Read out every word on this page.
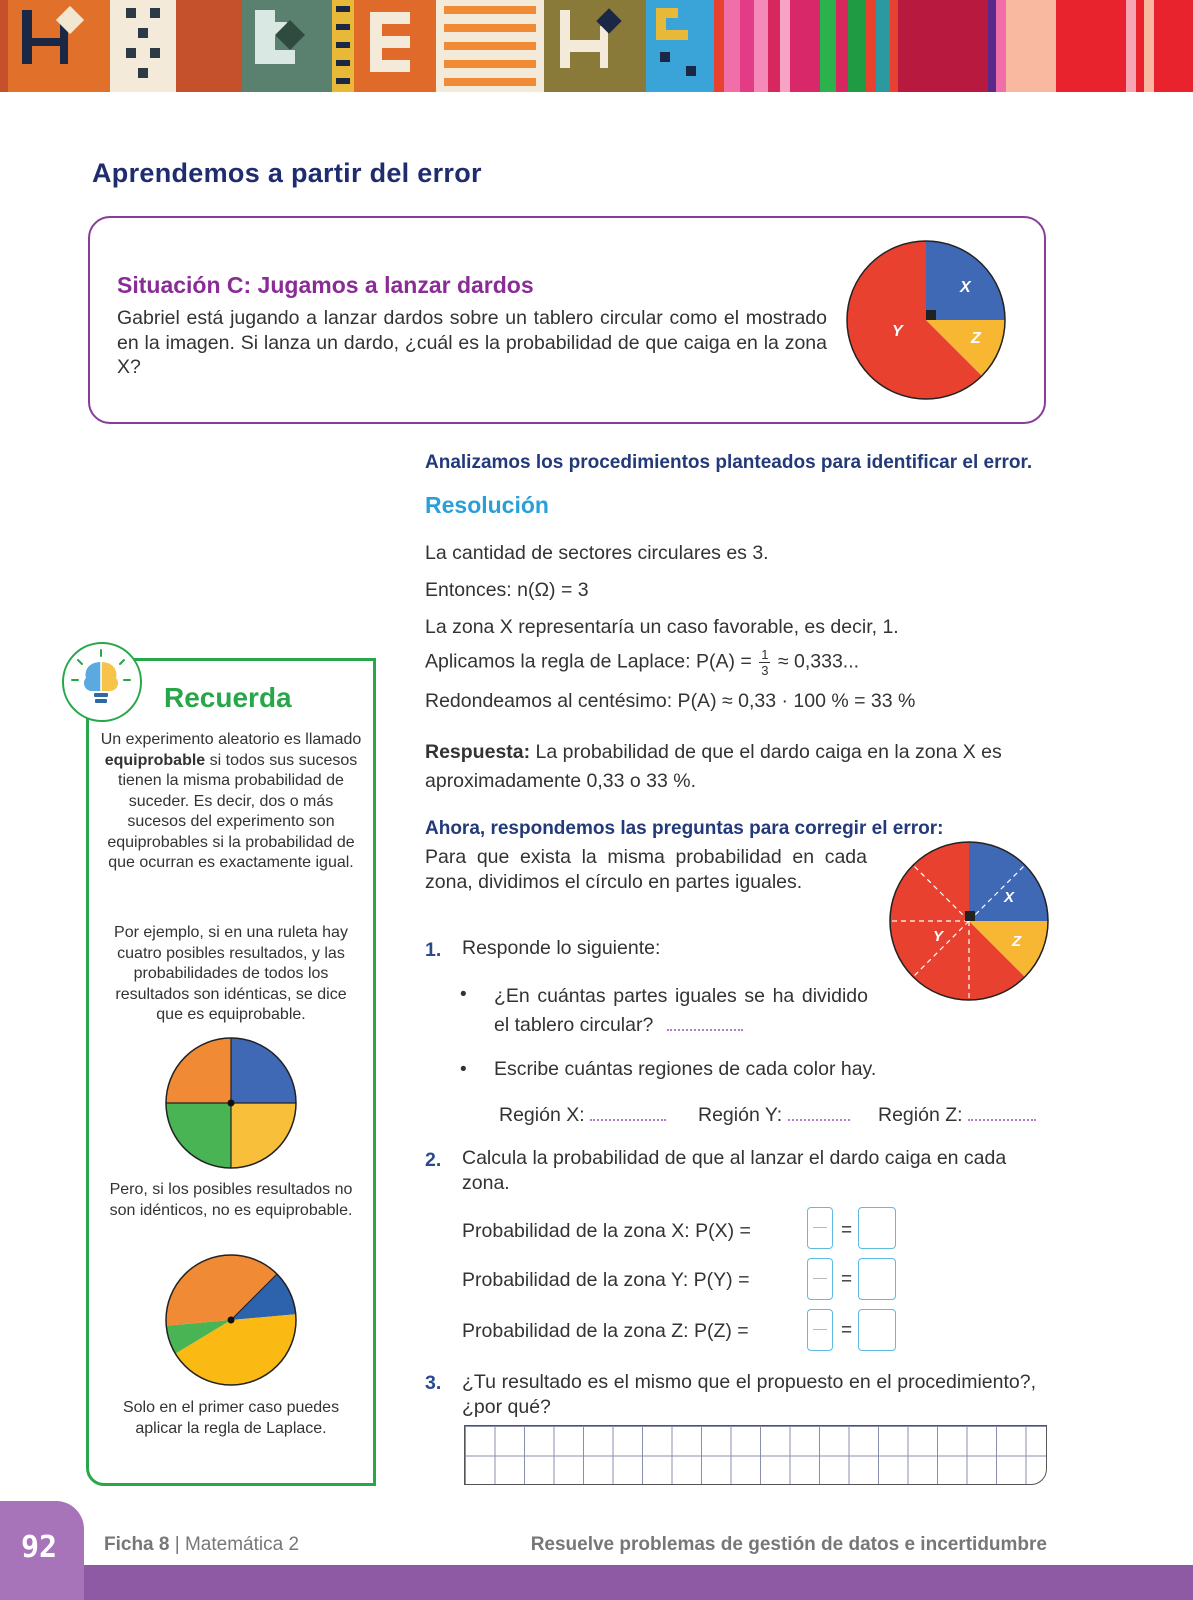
Aprendemos a partir del error
Situación C: Jugamos a lanzar dardos
Gabriel está jugando a lanzar dardos sobre un tablero circular como el mostrado en la imagen. Si lanza un dardo, ¿cuál es la probabilidad de que caiga en la zona X?
X
Y	Z
Analizamos los procedimientos planteados para identificar el error.
Resolución
La cantidad de sectores circulares es 3.
Entonces: n(Ω) = 3
La zona X representaría un caso favorable, es decir, 1.
Aplicamos la regla de Laplace: $P(A) = \frac{1}{3} \approx 0,333$...
Redondeamos al centésimo: P(A) ≈ 0,33 · 100 % = 33 %
Respuesta: La probabilidad de que el dardo caiga en la zona X es aproximadamente 0,33 o 33 %.
Ahora, respondemos las preguntas para corregir el error:
Para que exista la misma probabilidad en cada zona, dividimos el círculo en partes iguales.
X
Y	Z
1. Responde lo siguiente:
• ¿En cuántas partes iguales se ha dividido el tablero circular?
• Escribe cuántas regiones de cada color hay.
Región X:	Región Y:	Región Z:
2. Calcula la probabilidad de que al lanzar el dardo caiga en cada zona.
Probabilidad de la zona X: P(X) =	=
Probabilidad de la zona Y: P(Y) =	=
Probabilidad de la zona Z: P(Z) =	=
3. ¿Tu resultado es el mismo que el propuesto en el procedimiento?, ¿por qué?
Recuerda
Un experimento aleatorio es llamado equiprobable si todos sus sucesos tienen la misma probabilidad de suceder. Es decir, dos o más sucesos del experimento son equiprobables si la probabilidad de que ocurran es exactamente igual.
Por ejemplo, si en una ruleta hay cuatro posibles resultados, y las probabilidades de todos los resultados son idénticas, se dice que es equiprobable.
Pero, si los posibles resultados no son idénticos, no es equiprobable.
Solo en el primer caso puedes aplicar la regla de Laplace.
92	Ficha 8 | Matemática 2	Resuelve problemas de gestión de datos e incertidumbre
